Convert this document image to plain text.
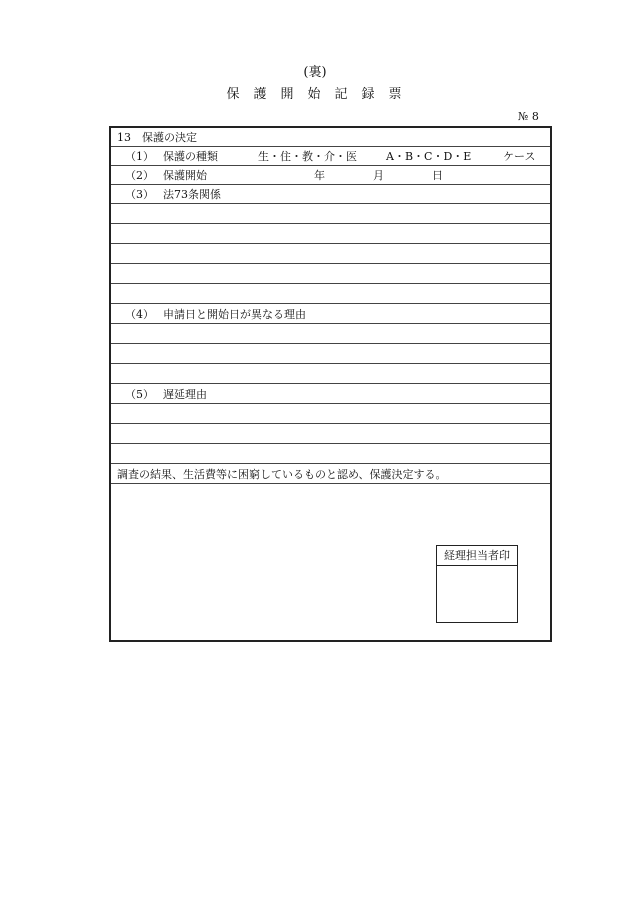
(裏)
保護開始記録票
№ 8
13　保護の決定
（1） 保護の種類	生・住・教・介・医	A・B・C・D・E	ケース
（2） 保護開始	年	月	日
（3） 法73条関係
（4） 申請日と開始日が異なる理由
（5） 遅延理由
調査の結果、生活費等に困窮しているものと認め、保護決定する。
経理担当者印
